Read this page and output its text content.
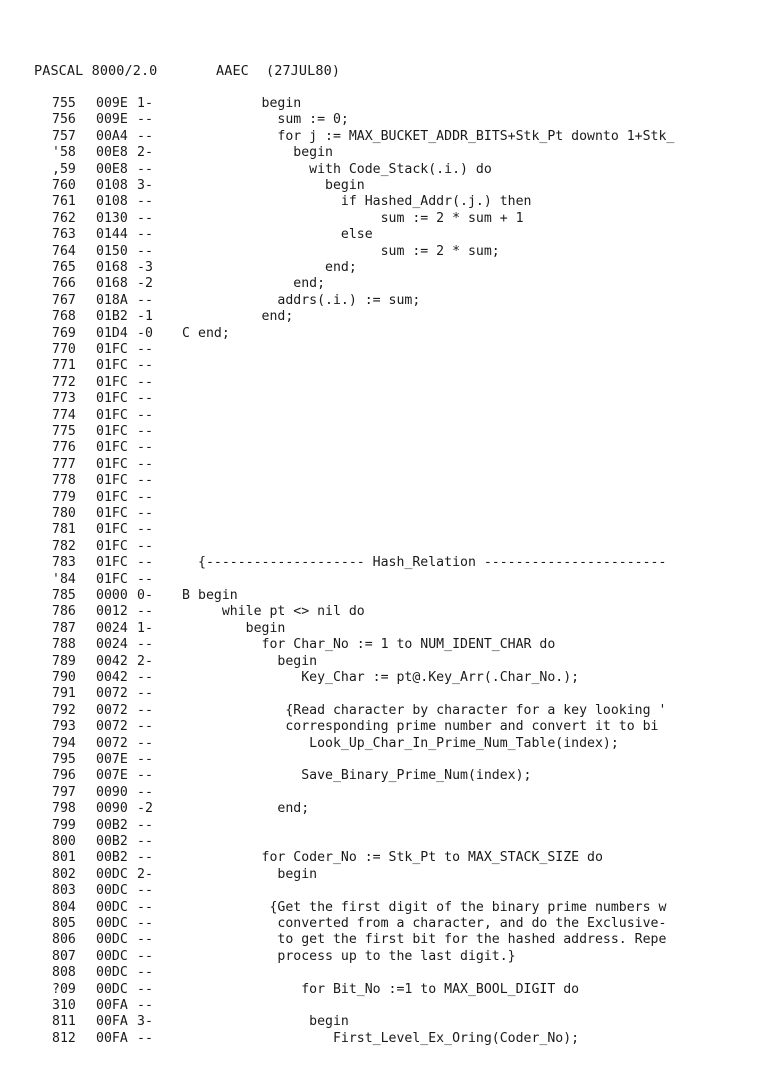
PASCAL 8000/2.0	AAEC (27JUL80)
755 009E 1-	begin
756 009E --	sum := 0;
757 00A4 --	for j := MAX_BUCKET_ADDR_BITS+Stk_Pt downto 1+Stk_
'58 00E8 2-	begin
,59 00E8 --	with Code_Stack(.i.) do
760 0108 3-	begin
761 0108 --	if Hashed_Addr(.j.) then
762 0130 --	sum := 2 * sum + 1
763 0144 --	else
764 0150 --	sum := 2 * sum;
765 0168 -3	end;
766 0168 -2	end;
767 018A --	addrs(.i.) := sum;
768 01B2 -1	end;
769 01D4 -0 C end;
770 01FC --
771 01FC --
772 01FC --
773 01FC --
774 01FC --
775 01FC --
776 01FC --
777 01FC --
778 01FC --
779 01FC --
780 01FC --
781 01FC --
782 01FC --
783 01FC --	{-------------------- Hash_Relation -----------------------
'84 01FC --
785 0000 0- B begin
786 0012 --	while pt <> nil do
787 0024 1-	begin
788 0024 --	for Char_No := 1 to NUM_IDENT_CHAR do
789 0042 2-	begin
790 0042 --	Key_Char := pt@.Key_Arr(.Char_No.);
791 0072 --
792 0072 --	{Read character by character for a key looking '
793 0072 --	corresponding prime number and convert it to bi
794 0072 --	Look_Up_Char_In_Prime_Num_Table(index);
795 007E --
796 007E --	Save_Binary_Prime_Num(index);
797 0090 --
798 0090 -2	end;
799 00B2 --
800 00B2 --
801 00B2 --	for Coder_No := Stk_Pt to MAX_STACK_SIZE do
802 00DC 2-	begin
803 00DC --
804 00DC --	{Get the first digit of the binary prime numbers w
805 00DC --	converted from a character, and do the Exclusive-
806 00DC --	to get the first bit for the hashed address. Repe
807 00DC --	process up to the last digit.}
808 00DC --
?09 00DC --	for Bit_No :=1 to MAX_BOOL_DIGIT do
310 00FA --
811 00FA 3-	begin
812 00FA --	First_Level_Ex_Oring(Coder_No);
